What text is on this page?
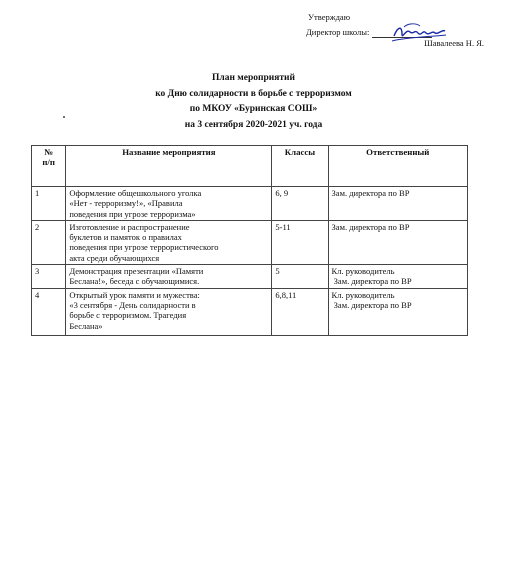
Утверждаю
Директор школы:
Шавалеева Н. Я.
План мероприятий
ко Дню солидарности в борьбе с терроризмом
по МКОУ «Буринская СОШ»
на 3 сентября 2020-2021 уч. года
№
п/п	Название мероприятия	Классы	Ответственный
1	Оформление общешкольного уголка
«Нет - терроризму!», «Правила
поведения при угрозе терроризма»	6, 9	Зам. директора по ВР

2	Изготовление и распространение
буклетов и памяток о правилах
поведения при угрозе террористического
акта среди обучающихся	5-11	Зам. директора по ВР

3	Демонстрация презентации «Памяти
Беслана!», беседа с обучающимися.	5	Кл. руководитель
Зам. директора по ВР

4	Открытый урок памяти и мужества:
«3 сентября - День солидарности в
борьбе с терроризмом. Трагедия
Беслана»	6,8,11	Кл. руководитель
Зам. директора по ВР
